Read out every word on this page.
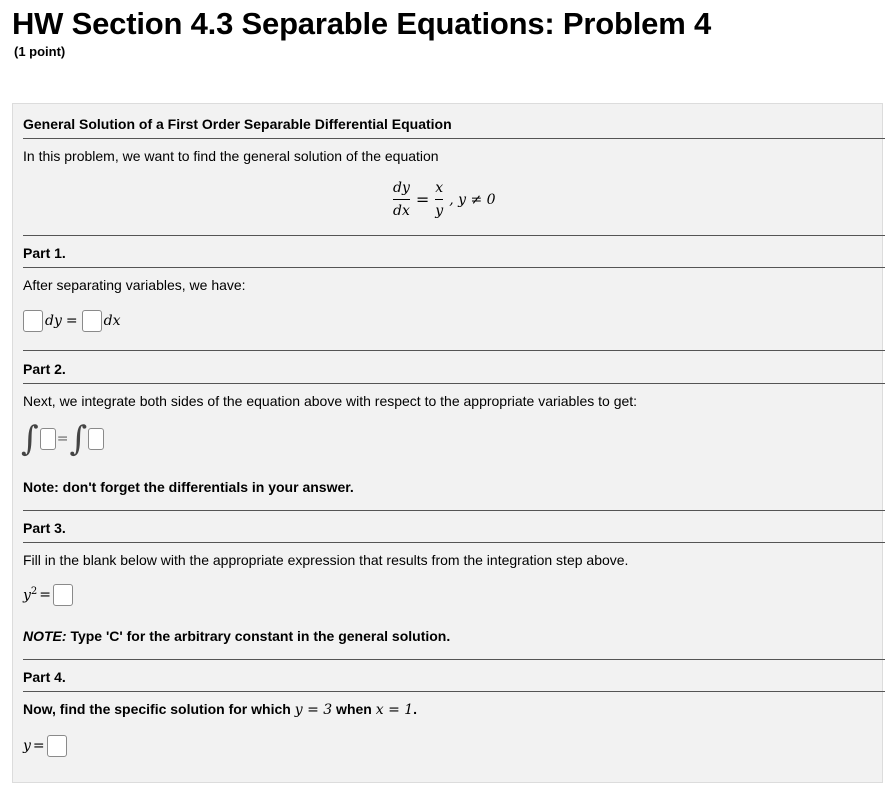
HW Section 4.3 Separable Equations: Problem 4
(1 point)
General Solution of a First Order Separable Differential Equation
In this problem, we want to find the general solution of the equation
$\frac{dy}{dx} = \frac{x}{y}$ , y ≠ 0
Part 1.
After separating variables, we have:
dy = dx
Part 2.
Next, we integrate both sides of the equation above with respect to the appropriate variables to get:
∫ = ∫
Note: don't forget the differentials in your answer.
Part 3.
Fill in the blank below with the appropriate expression that results from the integration step above.
$y^2$ =
NOTE: Type 'C' for the arbitrary constant in the general solution.
Part 4.
Now, find the specific solution for which y = 3 when x = 1.
y =
